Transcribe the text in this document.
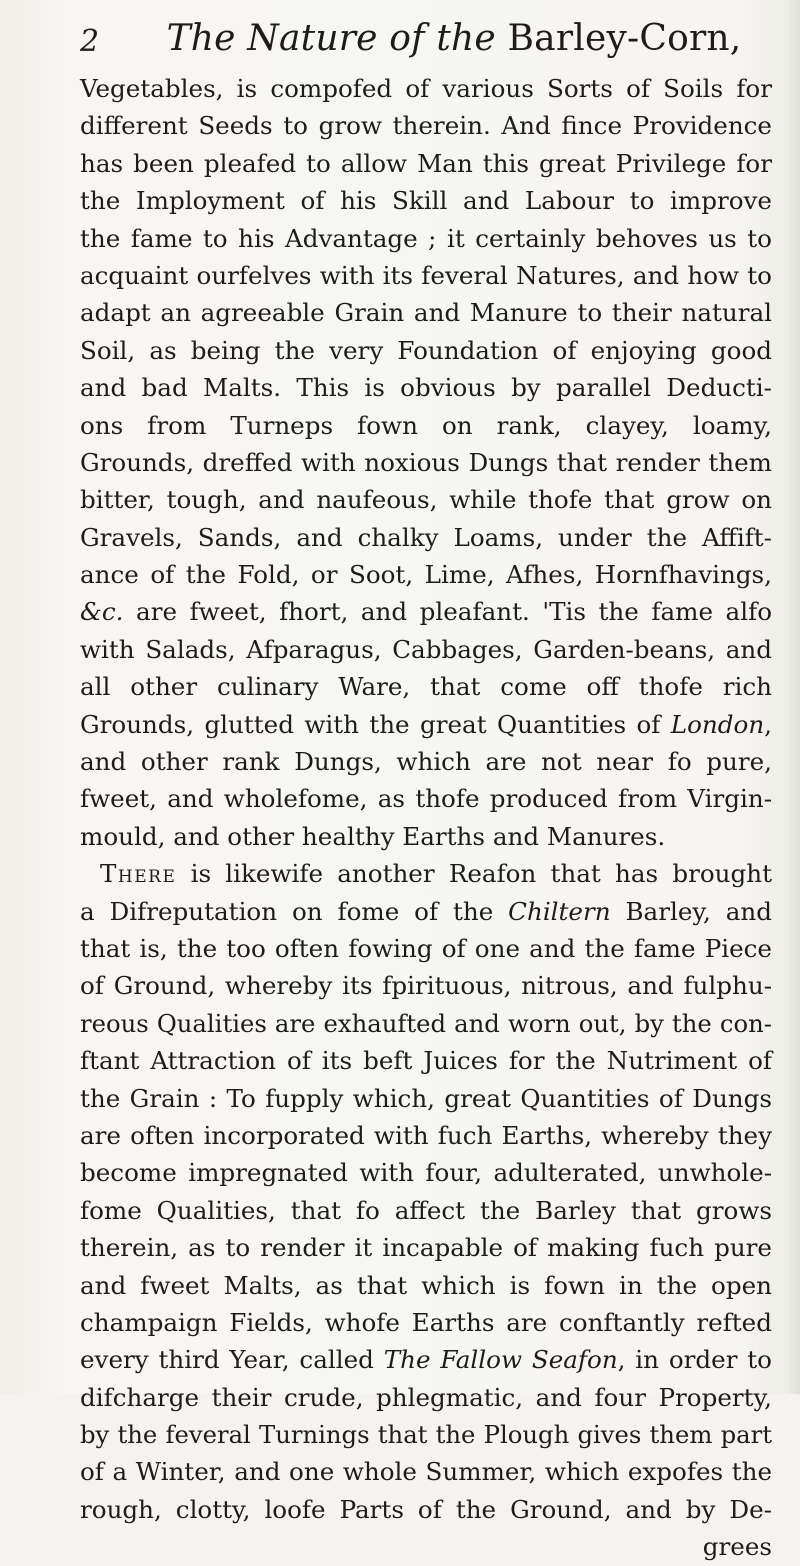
2	The Nature of the Barley-Corn,
Vegetables, is compofed of various Sorts of Soils for
different Seeds to grow therein. And fince Providence
has been pleafed to allow Man this great Privilege for
the Imployment of his Skill and Labour to improve
the fame to his Advantage ; it certainly behoves us to
acquaint ourfelves with its feveral Natures, and how to
adapt an agreeable Grain and Manure to their natural
Soil, as being the very Foundation of enjoying good
and bad Malts. This is obvious by parallel Deducti-
ons from Turneps fown on rank, clayey, loamy,
Grounds, dreffed with noxious Dungs that render them
bitter, tough, and naufeous, while thofe that grow on
Gravels, Sands, and chalky Loams, under the Affift-
ance of the Fold, or Soot, Lime, Afhes, Hornfhavings,
&c. are fweet, fhort, and pleafant. 'Tis the fame alfo
with Salads, Afparagus, Cabbages, Garden-beans, and
all other culinary Ware, that come off thofe rich
Grounds, glutted with the great Quantities of London,
and other rank Dungs, which are not near fo pure,
fweet, and wholefome, as thofe produced from Virgin-
mould, and other healthy Earths and Manures.
There is likewife another Reafon that has brought
a Difreputation on fome of the Chiltern Barley, and
that is, the too often fowing of one and the fame Piece
of Ground, whereby its fpirituous, nitrous, and fulphu-
reous Qualities are exhaufted and worn out, by the con-
ftant Attraction of its beft Juices for the Nutriment of
the Grain : To fupply which, great Quantities of Dungs
are often incorporated with fuch Earths, whereby they
become impregnated with four, adulterated, unwhole-
fome Qualities, that fo affect the Barley that grows
therein, as to render it incapable of making fuch pure
and fweet Malts, as that which is fown in the open
champaign Fields, whofe Earths are conftantly refted
every third Year, called The Fallow Seafon, in order to
difcharge their crude, phlegmatic, and four Property,
by the feveral Turnings that the Plough gives them part
of a Winter, and one whole Summer, which expofes the
rough, clotty, loofe Parts of the Ground, and by De-
grees
